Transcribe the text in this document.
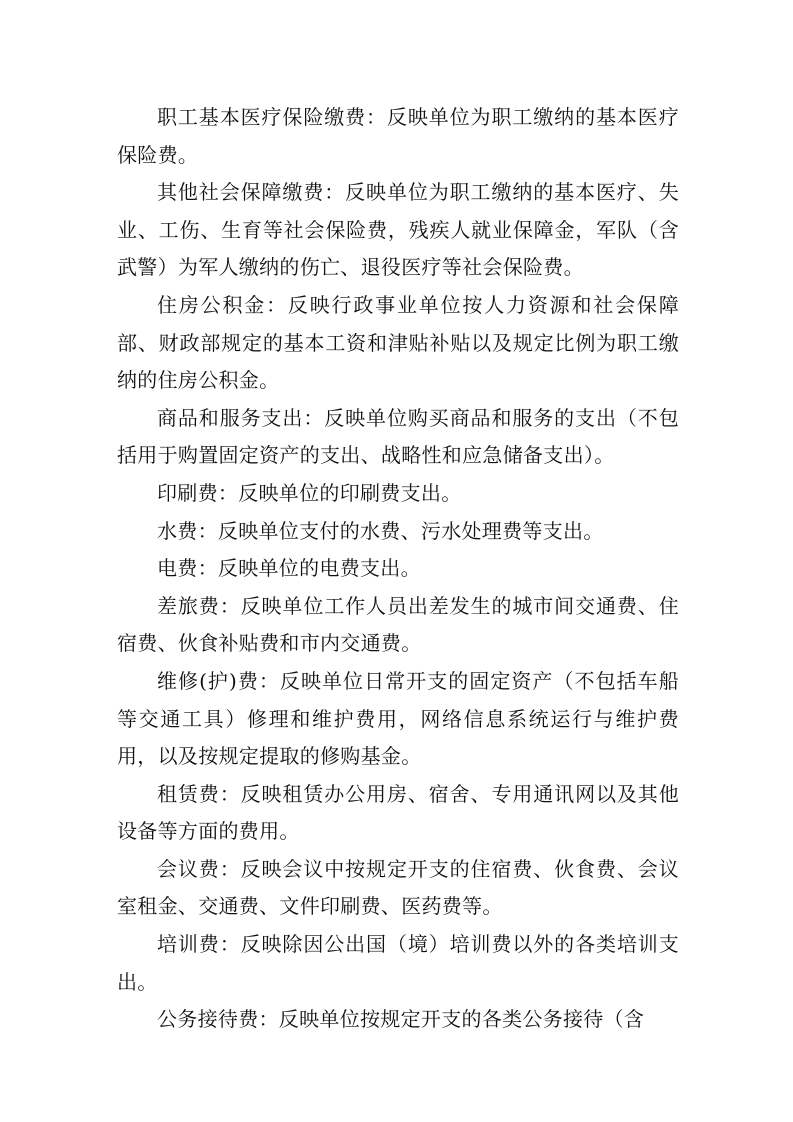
职工基本医疗保险缴费：反映单位为职工缴纳的基本医疗保险费。

其他社会保障缴费：反映单位为职工缴纳的基本医疗、失业、工伤、生育等社会保险费，残疾人就业保障金，军队（含武警）为军人缴纳的伤亡、退役医疗等社会保险费。

住房公积金：反映行政事业单位按人力资源和社会保障部、财政部规定的基本工资和津贴补贴以及规定比例为职工缴纳的住房公积金。

商品和服务支出：反映单位购买商品和服务的支出（不包括用于购置固定资产的支出、战略性和应急储备支出）。

印刷费：反映单位的印刷费支出。

水费：反映单位支付的水费、污水处理费等支出。

电费：反映单位的电费支出。

差旅费：反映单位工作人员出差发生的城市间交通费、住宿费、伙食补贴费和市内交通费。

维修(护)费：反映单位日常开支的固定资产（不包括车船等交通工具）修理和维护费用，网络信息系统运行与维护费用，以及按规定提取的修购基金。

租赁费：反映租赁办公用房、宿舍、专用通讯网以及其他设备等方面的费用。

会议费：反映会议中按规定开支的住宿费、伙食费、会议室租金、交通费、文件印刷费、医药费等。

培训费：反映除因公出国（境）培训费以外的各类培训支出。

公务接待费：反映单位按规定开支的各类公务接待（含
